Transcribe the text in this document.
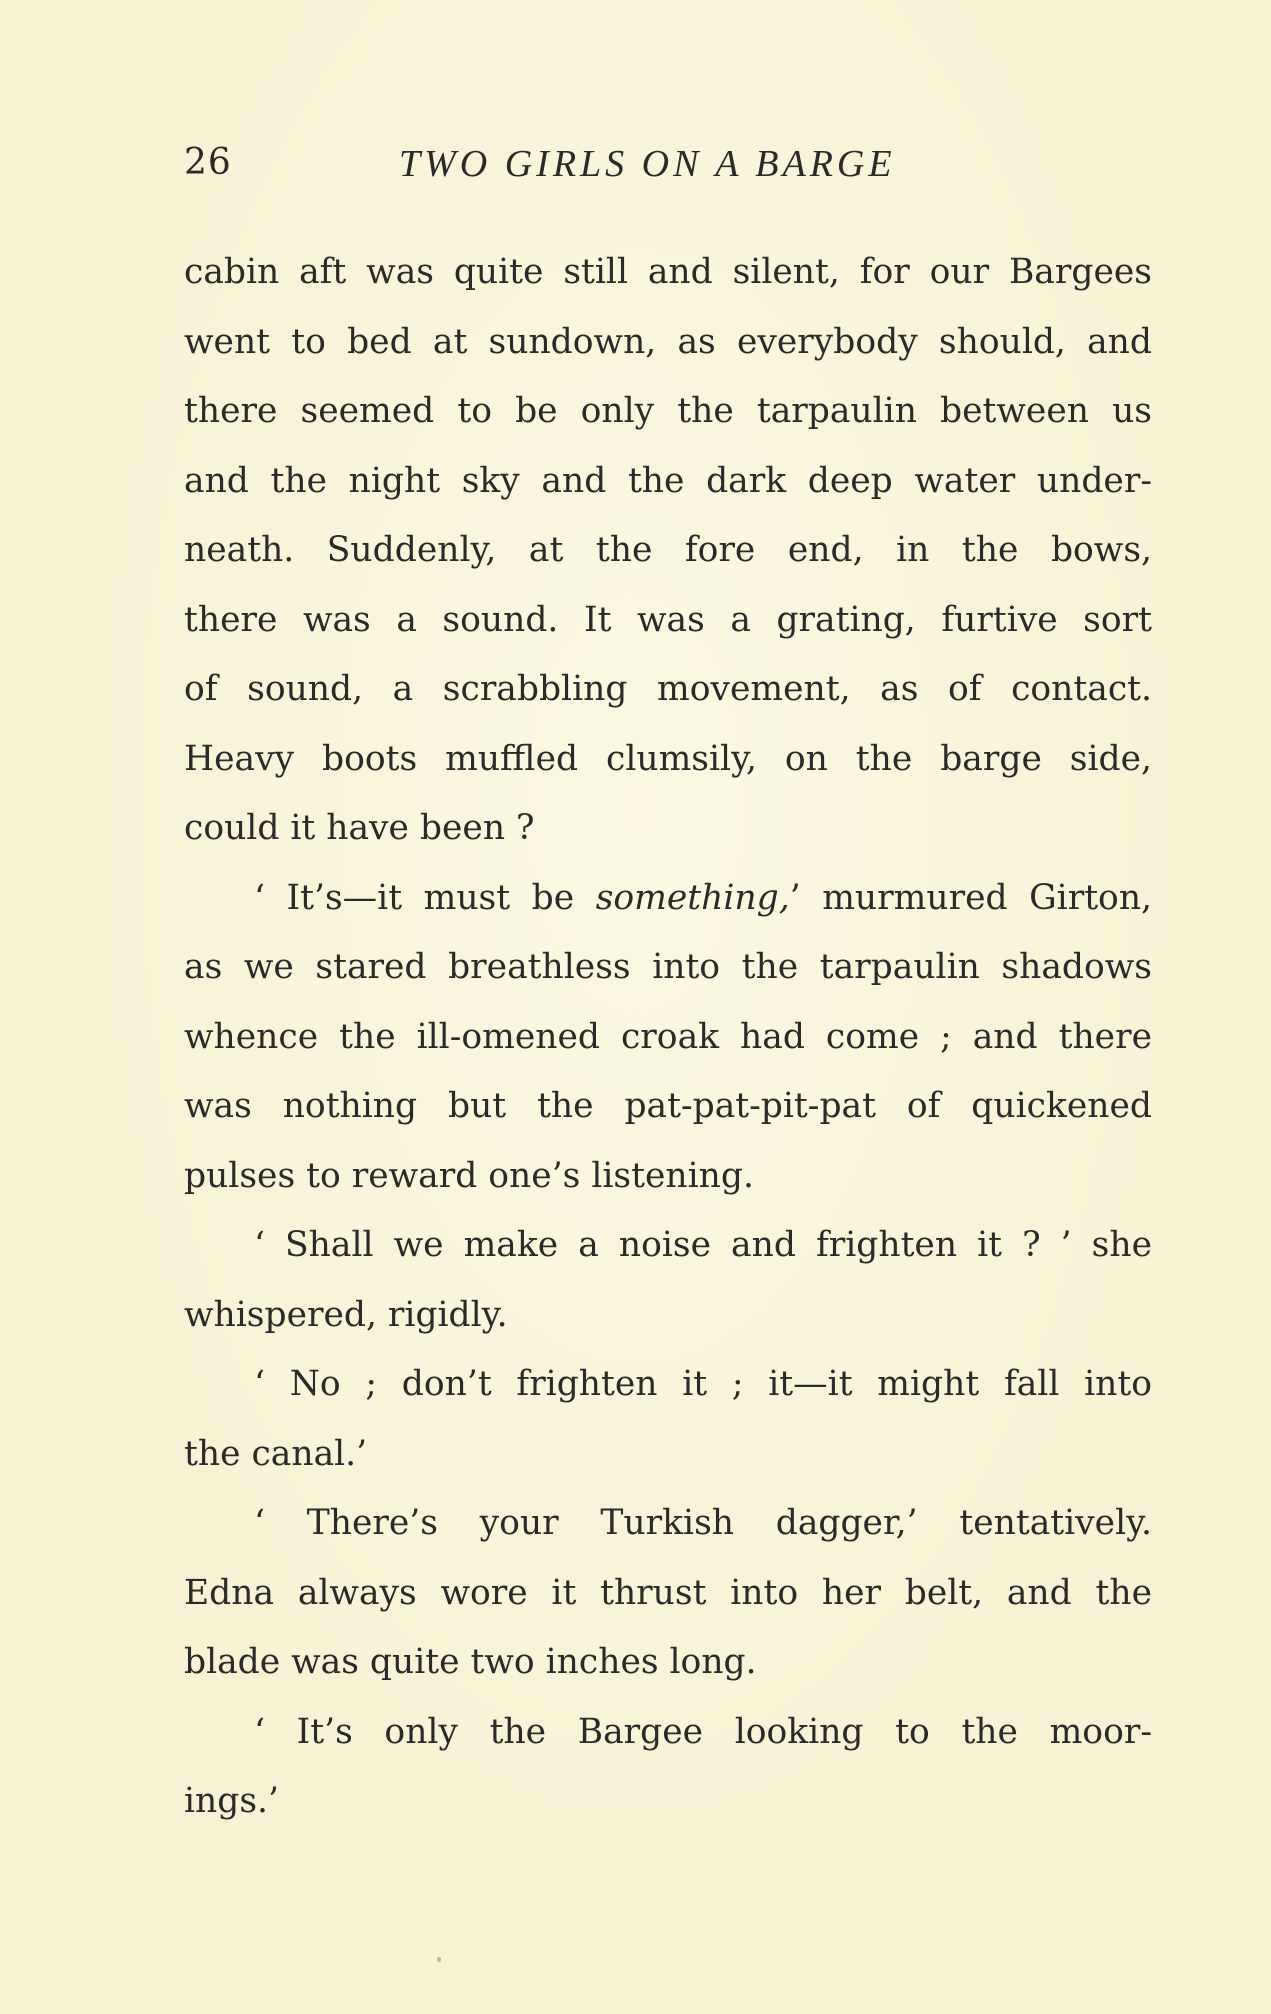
26	TWO GIRLS ON A BARGE
cabin aft was quite still and silent, for our Bargees
went to bed at sundown, as everybody should, and
there seemed to be only the tarpaulin between us
and the night sky and the dark deep water under-
neath. Suddenly, at the fore end, in the bows,
there was a sound. It was a grating, furtive sort
of sound, a scrabbling movement, as of contact.
Heavy boots muffled clumsily, on the barge side,
could it have been ?
‘ It’s—it must be something,’ murmured Girton,
as we stared breathless into the tarpaulin shadows
whence the ill-omened croak had come ; and there
was nothing but the pat-pat-pit-pat of quickened
pulses to reward one’s listening.
‘ Shall we make a noise and frighten it ? ’ she
whispered, rigidly.
‘ No ; don’t frighten it ; it—it might fall into
the canal.’
‘ There’s your Turkish dagger,’ tentatively.
Edna always wore it thrust into her belt, and the
blade was quite two inches long.
‘ It’s only the Bargee looking to the moor-
ings.’
